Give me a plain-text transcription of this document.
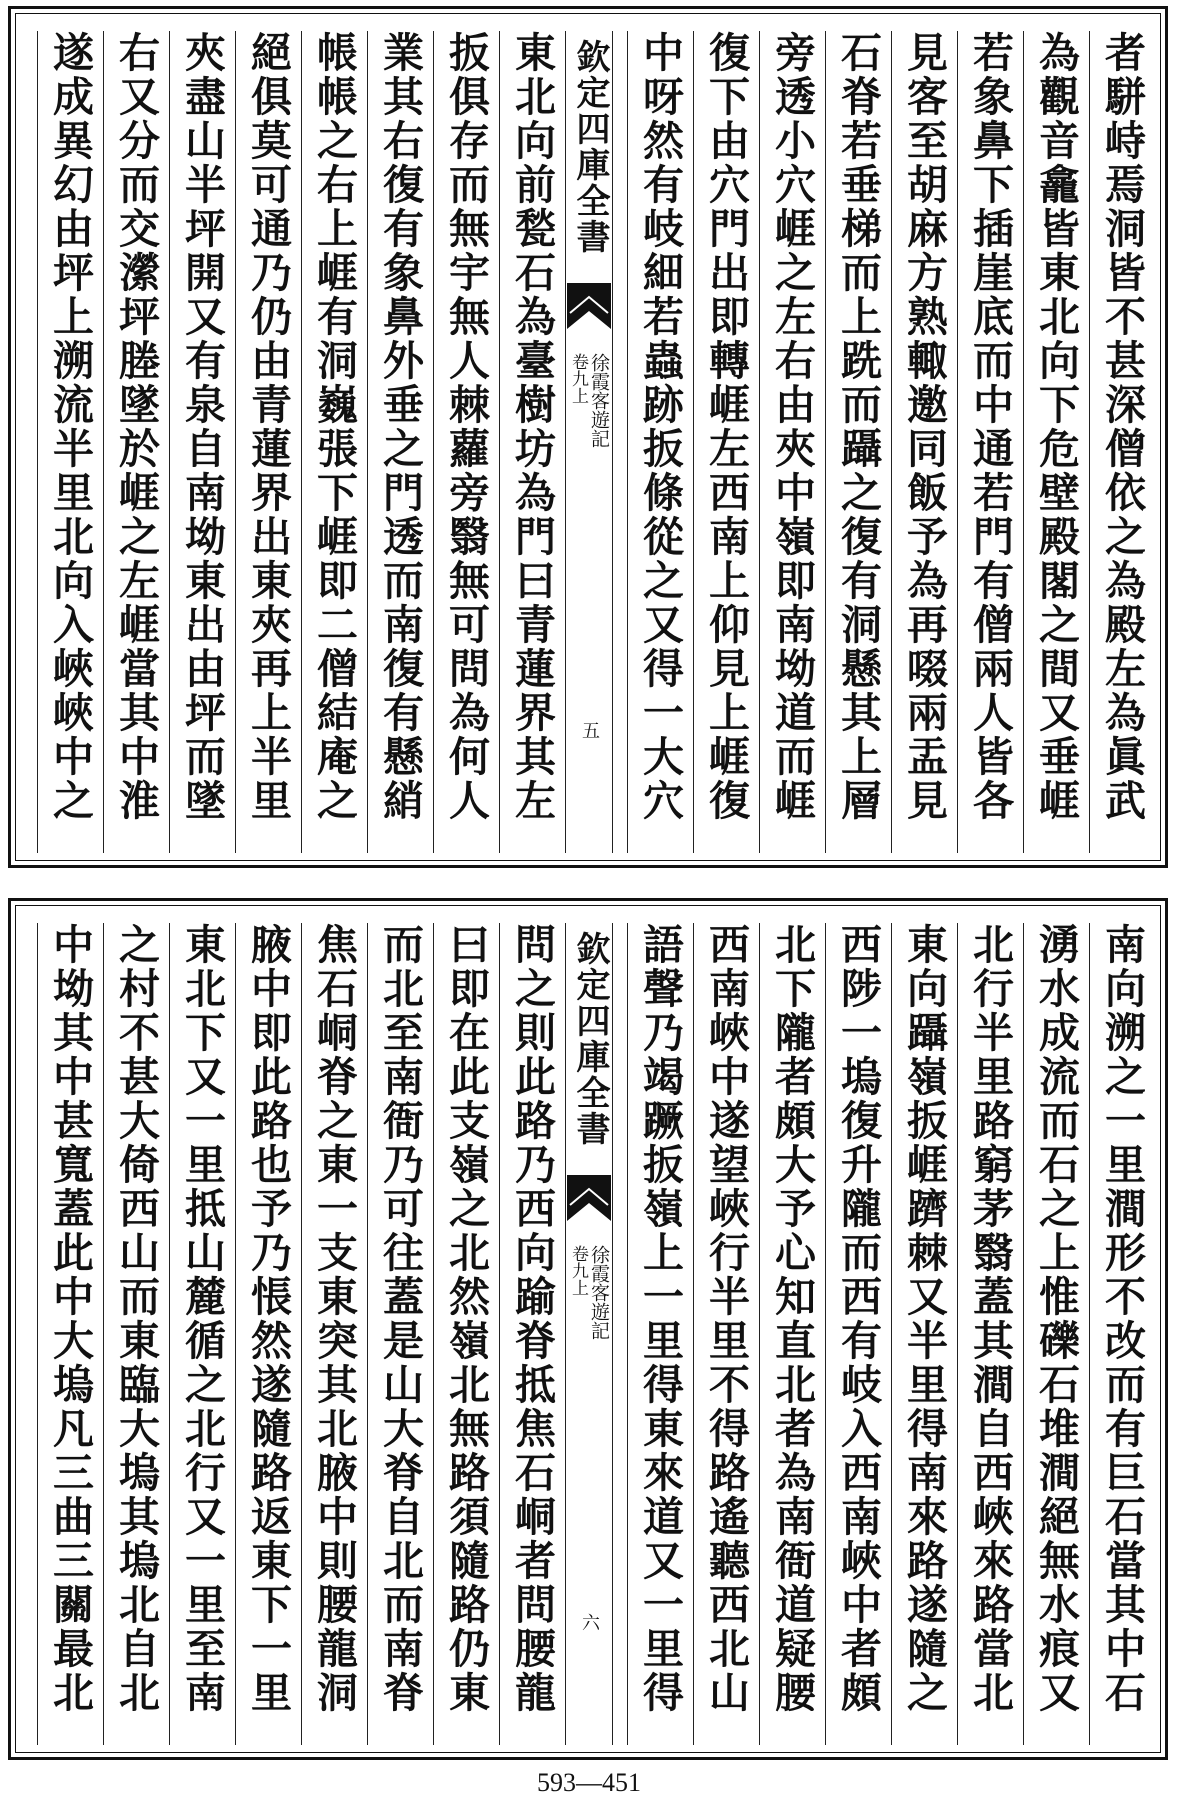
者駢峙焉洞皆不甚深僧依之為殿左為眞武
為觀音龕皆東北向下危壁殿閣之間又垂崕
若象鼻下插崖底而中通若門有僧兩人皆各
見客至胡麻方熟輙邀同飯予為再啜兩盂見
石脊若垂梯而上跣而躡之復有洞懸其上層
旁透小穴崕之左右由夾中嶺即南坳道而崕
復下由穴門出即轉崕左西南上仰見上崕復
中呀然有岐細若蟲跡扳條從之又得一大穴
欽定四庫全書
徐霞客遊記
卷九上
五
東北向前甃石為臺樹坊為門曰青蓮界其左
扳俱存而無宇無人棘蘿旁翳無可問為何人
業其右復有象鼻外垂之門透而南復有懸綃
帳帳之右上崕有洞巍張下崕即二僧結庵之
絕俱莫可通乃仍由青蓮界出東夾再上半里
夾盡山半坪開又有泉自南坳東出由坪而墜
右又分而交瀠坪塍墜於崕之左崕當其中淮
遂成異幻由坪上溯流半里北向入峽峽中之
南向溯之一里澗形不改而有巨石當其中石
湧水成流而石之上惟礫石堆澗絕無水痕又
北行半里路窮茅翳蓋其澗自西峽來路當北
東向躡嶺扳崕躋棘又半里得南來路遂隨之
西陟一塢復升隴而西有岐入西南峽中者頗
北下隴者頗大予心知直北者為南衙道疑腰
西南峽中遂望峽行半里不得路遙聽西北山
語聲乃竭蹶扳嶺上一里得東來道又一里得
欽定四庫全書
徐霞客遊記
卷九上
六
問之則此路乃西向踰脊抵焦石峒者問腰龍
曰即在此支嶺之北然嶺北無路須隨路仍東
而北至南衙乃可往蓋是山大脊自北而南脊
焦石峒脊之東一支東突其北腋中則腰龍洞
腋中即此路也予乃悵然遂隨路返東下一里
東北下又一里抵山麓循之北行又一里至南
之村不甚大倚西山而東臨大塢其塢北自北
中坳其中甚寬蓋此中大塢凡三曲三關最北
593—451
